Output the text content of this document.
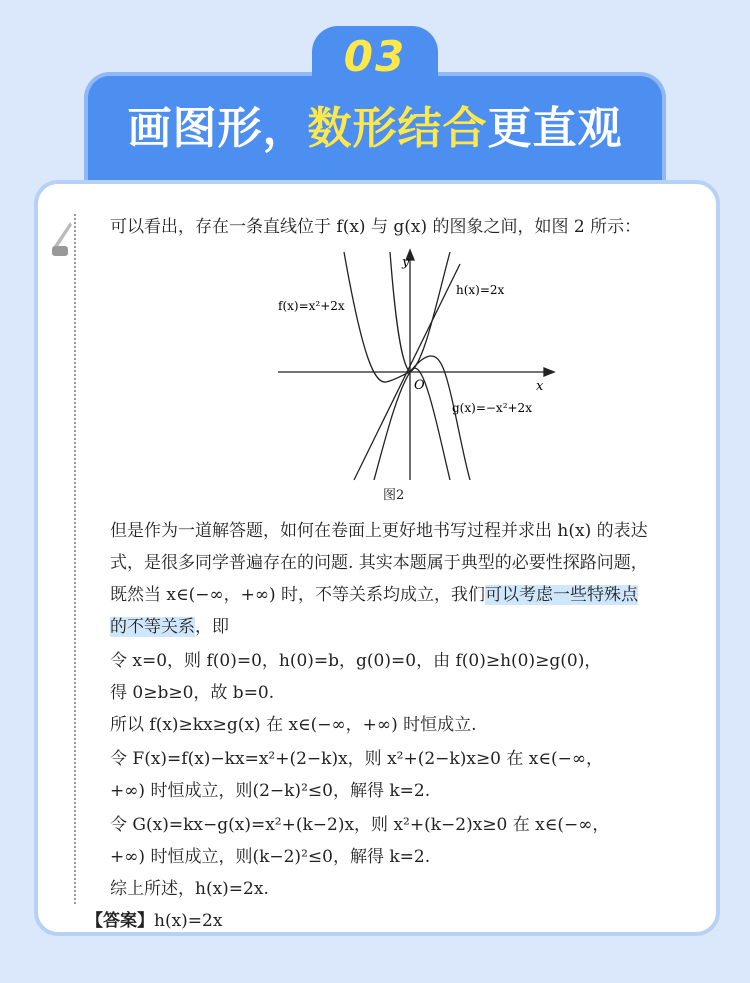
画图形，数形结合更直观
03
可以看出，存在一条直线位于 f(x) 与 g(x) 的图象之间，如图 2 所示：
y
x
O
f(x)=x²+2x
h(x)=2x
g(x)=−x²+2x
图2
但是作为一道解答题，如何在卷面上更好地书写过程并求出 h(x) 的表达
式，是很多同学普遍存在的问题. 其实本题属于典型的必要性探路问题，
既然当 x∈(−∞，+∞) 时，不等关系均成立，我们可以考虑一些特殊点
的不等关系，即
令 x=0，则 f(0)=0，h(0)=b，g(0)=0，由 f(0)≥h(0)≥g(0)，
得 0≥b≥0，故 b=0.
所以 f(x)≥kx≥g(x) 在 x∈(−∞，+∞) 时恒成立.
令 F(x)=f(x)−kx=x²+(2−k)x，则 x²+(2−k)x≥0 在 x∈(−∞，
+∞) 时恒成立，则(2−k)²≤0，解得 k=2.
令 G(x)=kx−g(x)=x²+(k−2)x，则 x²+(k−2)x≥0 在 x∈(−∞，
+∞) 时恒成立，则(k−2)²≤0，解得 k=2.
综上所述，h(x)=2x.
【答案】h(x)=2x
